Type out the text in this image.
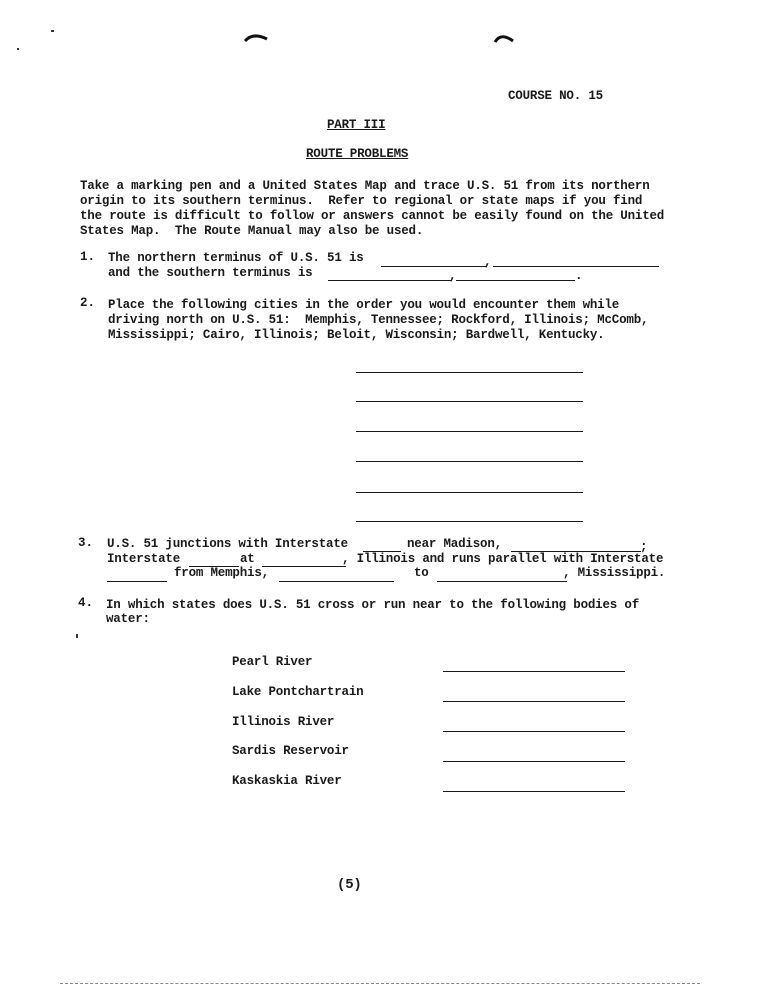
COURSE NO. 15
PART III
ROUTE PROBLEMS
Take a marking pen and a United States Map and trace U.S. 51 from its northern
origin to its southern terminus.  Refer to regional or state maps if you find
the route is difficult to follow or answers cannot be easily found on the United
States Map.  The Route Manual may also be used.
1. The northern terminus of U.S. 51 is	,
and the southern terminus is	,	.
2. Place the following cities in the order you would encounter them while
driving north on U.S. 51:  Memphis, Tennessee; Rockford, Illinois; McComb,
Mississippi; Cairo, Illinois; Beloit, Wisconsin; Bardwell, Kentucky.
3. U.S. 51 junctions with Interstate	near Madison,	;
Interstate	at	, Illinois and runs parallel with Interstate
from Memphis,	to	, Mississippi.
4. In which states does U.S. 51 cross or run near to the following bodies of
water:
Pearl River
Lake Pontchartrain
Illinois River
Sardis Reservoir
Kaskaskia River
(5)
